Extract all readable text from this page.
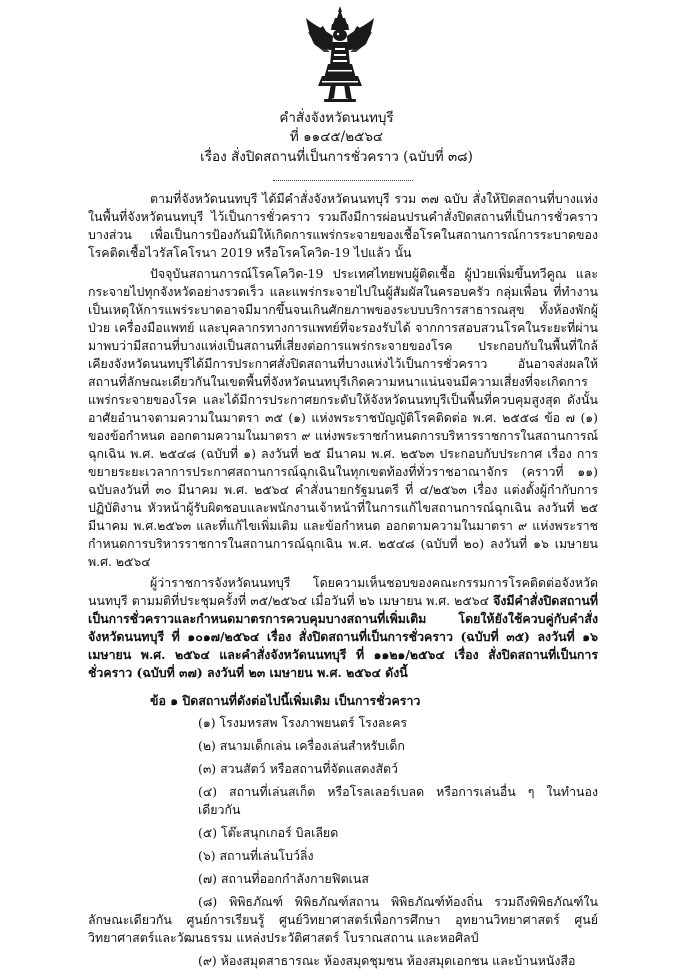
คำสั่งจังหวัดนนทบุรี
ที่ ๑๑๔๕/๒๕๖๔
เรื่อง สั่งปิดสถานที่เป็นการชั่วคราว (ฉบับที่ ๓๘)

ตามที่จังหวัดนนทบุรี ได้มีคำสั่งจังหวัดนนทบุรี รวม ๓๗ ฉบับ สั่งให้ปิดสถานที่บางแห่งในพื้นที่จังหวัดนนทบุรี ไว้เป็นการชั่วคราว รวมถึงมีการผ่อนปรนคำสั่งปิดสถานที่เป็นการชั่วคราวบางส่วน เพื่อเป็นการป้องกันมิให้เกิดการแพร่กระจายของเชื้อโรคในสถานการณ์การระบาดของโรคติดเชื้อไวรัสโคโรนา 2019 หรือโรคโควิด-19 ไปแล้ว นั้น

ปัจจุบันสถานการณ์โรคโควิด-19 ประเทศไทยพบผู้ติดเชื้อ ผู้ป่วยเพิ่มขึ้นทวีคูณ และกระจายไปทุกจังหวัดอย่างรวดเร็ว และแพร่กระจายไปในผู้สัมผัสในครอบครัว กลุ่มเพื่อน ที่ทำงาน เป็นเหตุให้การแพร่ระบาดอาจมีมากขึ้นจนเกินศักยภาพของระบบบริการสาธารณสุข ทั้งห้องพักผู้ป่วย เครื่องมือแพทย์ และบุคลากรทางการแพทย์ที่จะรองรับได้ จากการสอบสวนโรคในระยะที่ผ่านมาพบว่ามีสถานที่บางแห่งเป็นสถานที่เสี่ยงต่อการแพร่กระจายของโรค ประกอบกับในพื้นที่ใกล้เคียงจังหวัดนนทบุรีได้มีการประกาศสั่งปิดสถานที่บางแห่งไว้เป็นการชั่วคราว อันอาจส่งผลให้สถานที่ลักษณะเดียวกันในเขตพื้นที่จังหวัดนนทบุรีเกิดความหนาแน่นจนมีความเสี่ยงที่จะเกิดการแพร่กระจายของโรค และได้มีการประกาศยกระดับให้จังหวัดนนทบุรีเป็นพื้นที่ควบคุมสูงสุด ดังนั้น อาศัยอำนาจตามความในมาตรา ๓๕ (๑) แห่งพระราชบัญญัติโรคติดต่อ พ.ศ. ๒๕๕๘ ข้อ ๗ (๑) ของข้อกำหนด ออกตามความในมาตรา ๙ แห่งพระราชกำหนดการบริหารราชการในสถานการณ์ฉุกเฉิน พ.ศ. ๒๕๔๘ (ฉบับที่ ๑) ลงวันที่ ๒๕ มีนาคม พ.ศ. ๒๕๖๓ ประกอบกับประกาศ เรื่อง การขยายระยะเวลาการประกาศสถานการณ์ฉุกเฉินในทุกเขตท้องที่ทั่วราชอาณาจักร (คราวที่ ๑๑) ฉบับลงวันที่ ๓๐ มีนาคม พ.ศ. ๒๕๖๔ คำสั่งนายกรัฐมนตรี ที่ ๔/๒๕๖๓ เรื่อง แต่งตั้งผู้กำกับการปฏิบัติงาน หัวหน้าผู้รับผิดชอบและพนักงานเจ้าหน้าที่ในการแก้ไขสถานการณ์ฉุกเฉิน ลงวันที่ ๒๕ มีนาคม พ.ศ.๒๕๖๓ และที่แก้ไขเพิ่มเติม และข้อกำหนด ออกตามความในมาตรา ๙ แห่งพระราชกำหนดการบริหารราชการในสถานการณ์ฉุกเฉิน พ.ศ. ๒๕๔๘ (ฉบับที่ ๒๐) ลงวันที่ ๑๖ เมษายน พ.ศ. ๒๕๖๔

ผู้ว่าราชการจังหวัดนนทบุรี โดยความเห็นชอบของคณะกรรมการโรคติดต่อจังหวัดนนทบุรี ตามมติที่ประชุมครั้งที่ ๓๕/๒๕๖๔ เมื่อวันที่ ๒๖ เมษายน พ.ศ. ๒๕๖๔ จึงมีคำสั่งปิดสถานที่เป็นการชั่วคราวและกำหนดมาตรการควบคุมบางสถานที่เพิ่มเติม โดยให้ยังใช้ควบคู่กับคำสั่งจังหวัดนนทบุรี ที่ ๑๐๑๗/๒๕๖๔ เรื่อง สั่งปิดสถานที่เป็นการชั่วคราว (ฉบับที่ ๓๕) ลงวันที่ ๑๖ เมษายน พ.ศ. ๒๕๖๔ และคำสั่งจังหวัดนนทบุรี ที่ ๑๑๒๑/๒๕๖๔ เรื่อง สั่งปิดสถานที่เป็นการชั่วคราว (ฉบับที่ ๓๗) ลงวันที่ ๒๓ เมษายน พ.ศ. ๒๕๖๔ ดังนี้

ข้อ ๑ ปิดสถานที่ดังต่อไปนี้เพิ่มเติม เป็นการชั่วคราว
(๑) โรงมหรสพ โรงภาพยนตร์ โรงละคร
(๒) สนามเด็กเล่น เครื่องเล่นสำหรับเด็ก
(๓) สวนสัตว์ หรือสถานที่จัดแสดงสัตว์
(๔) สถานที่เล่นสเก็ต หรือโรลเลอร์เบลด หรือการเล่นอื่น ๆ ในทำนองเดียวกัน
(๕) โต๊ะสนุกเกอร์ บิลเลียด
(๖) สถานที่เล่นโบว์ลิ่ง
(๗) สถานที่ออกกำลังกายฟิตเนส
(๘) พิพิธภัณฑ์ พิพิธภัณฑ์สถาน พิพิธภัณฑ์ท้องถิ่น รวมถึงพิพิธภัณฑ์ในลักษณะเดียวกัน ศูนย์การเรียนรู้ ศูนย์วิทยาศาสตร์เพื่อการศึกษา อุทยานวิทยาศาสตร์ ศูนย์วิทยาศาสตร์และวัฒนธรรม แหล่งประวัติศาสตร์ โบราณสถาน และหอศิลป์
(๙) ห้องสมุดสาธารณะ ห้องสมุดชุมชน ห้องสมุดเอกชน และบ้านหนังสือ
